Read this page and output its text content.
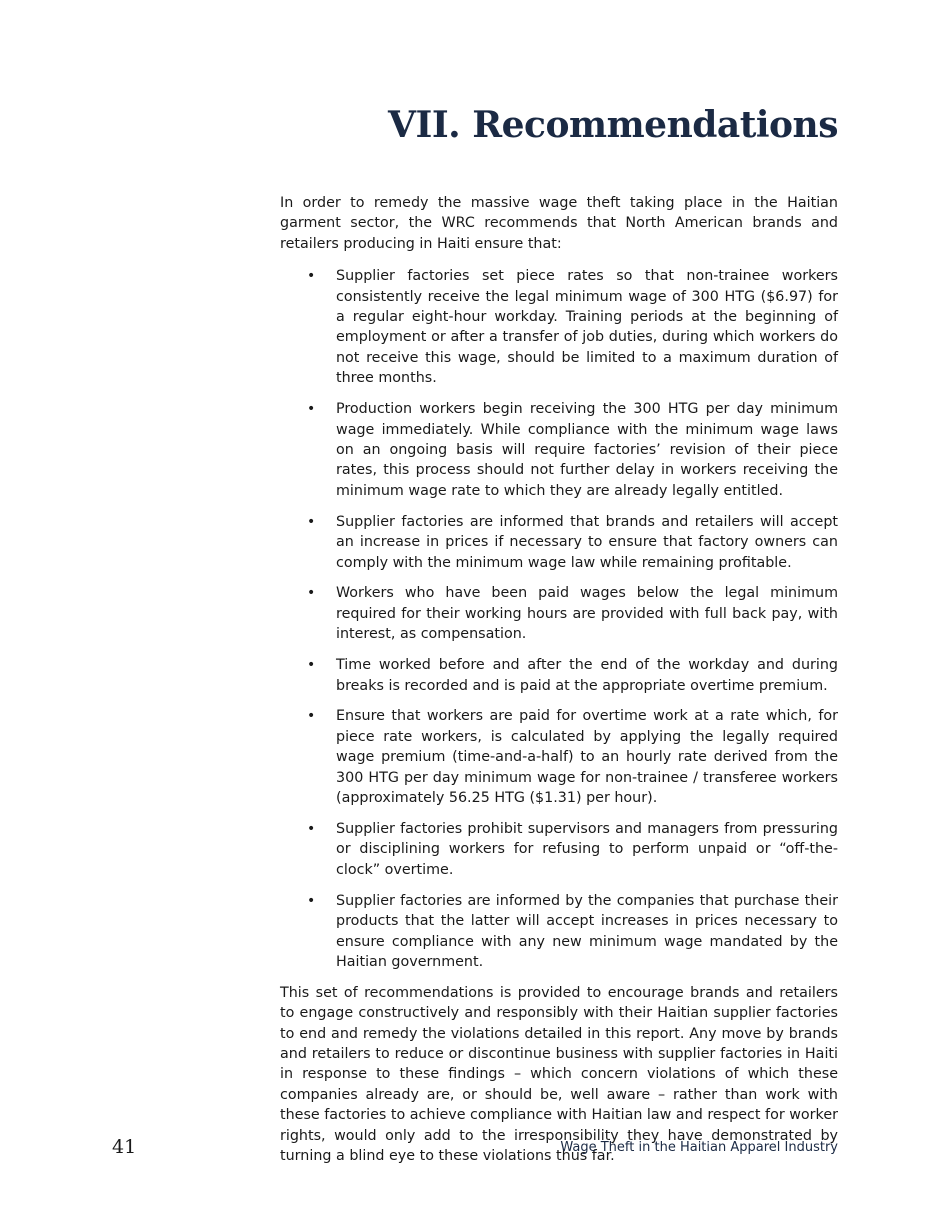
VII. Recommendations

In order to remedy the massive wage theft taking place in the Haitian garment sector, the WRC recommends that North American brands and retailers producing in Haiti ensure that:

• Supplier factories set piece rates so that non-trainee workers consistently receive the legal minimum wage of 300 HTG ($6.97) for a regular eight-hour workday. Training periods at the beginning of employment or after a transfer of job duties, during which workers do not receive this wage, should be limited to a maximum duration of three months.
• Production workers begin receiving the 300 HTG per day minimum wage immediately. While compliance with the minimum wage laws on an ongoing basis will require factories’ revision of their piece rates, this process should not further delay in workers receiving the minimum wage rate to which they are already legally entitled.
• Supplier factories are informed that brands and retailers will accept an increase in prices if necessary to ensure that factory owners can comply with the minimum wage law while remaining profitable.
• Workers who have been paid wages below the legal minimum required for their working hours are provided with full back pay, with interest, as compensation.
• Time worked before and after the end of the workday and during breaks is recorded and is paid at the appropriate overtime premium.
• Ensure that workers are paid for overtime work at a rate which, for piece rate workers, is calculated by applying the legally required wage premium (time-and-a-half) to an hourly rate derived from the 300 HTG per day minimum wage for non-trainee / transferee workers (approximately 56.25 HTG ($1.31) per hour).
• Supplier factories prohibit supervisors and managers from pressuring or disciplining workers for refusing to perform unpaid or “off-the-clock” overtime.
• Supplier factories are informed by the companies that purchase their products that the latter will accept increases in prices necessary to ensure compliance with any new minimum wage mandated by the Haitian government.

This set of recommendations is provided to encourage brands and retailers to engage constructively and responsibly with their Haitian supplier factories to end and remedy the violations detailed in this report. Any move by brands and retailers to reduce or discontinue business with supplier factories in Haiti in response to these findings – which concern violations of which these companies already are, or should be, well aware – rather than work with these factories to achieve compliance with Haitian law and respect for worker rights, would only add to the irresponsibility they have demonstrated by turning a blind eye to these violations thus far.

41	Wage Theft in the Haitian Apparel Industry
